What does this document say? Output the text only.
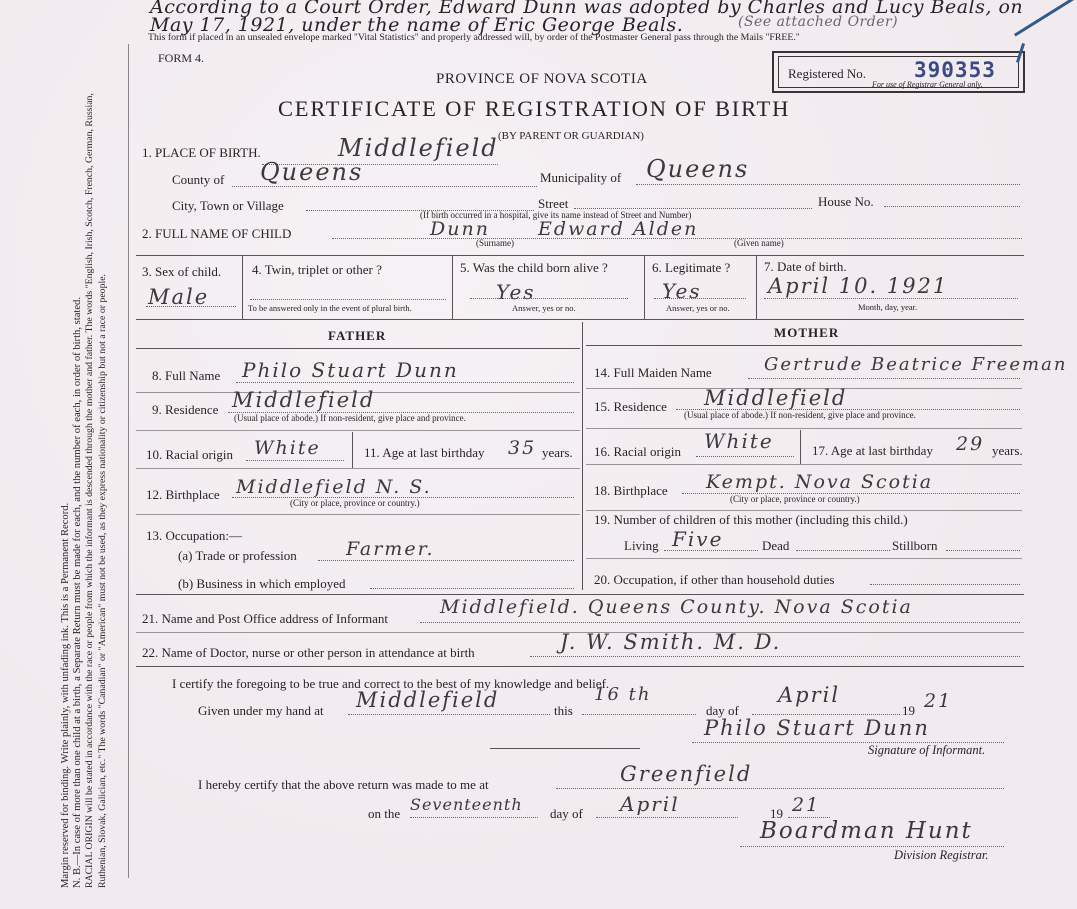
According to a Court Order, Edward Dunn was adopted by Charles and Lucy Beals, on
May 17, 1921, under the name of Eric George Beals.	(See attached Order)
This form if placed in an unsealed envelope marked "Vital Statistics" and properly addressed will, by order of the Postmaster General pass through the Mails "FREE."
FORM 4.
Registered No. 390353
For use of Registrar General only.
PROVINCE OF NOVA SCOTIA
CERTIFICATE OF REGISTRATION OF BIRTH
(BY PARENT OR GUARDIAN)
Margin reserved for binding. Write plainly, with unfading ink. This is a Permanent Record. N. B.—In case of more than one child at a birth, a Separate Return must be made for each, and the number of each, in order of birth, stated. RACIAL ORIGIN will be stated in accordance with the race or people from which the informant is descended through the mother and father. The words "English, Irish, Scotch, French, German, Russian, Ruthenian, Slovak, Galician, etc." The words "Canadian" or "American" must not be used, as they express nationality or citizenship but not a race or people.
1. PLACE OF BIRTH.	Middlefield
County of Queens	Municipality of Queens
City, Town or Village	Street	House No.
(If birth occurred in a hospital, give its name instead of Street and Number)
2. FULL NAME OF CHILD	Dunn	Edward Alden
(Surname)	(Given name)
3. Sex of child.
Male
4. Twin, triplet or other ?
To be answered only in the event of plural birth.
5. Was the child born alive ?
Yes
Answer, yes or no.
6. Legitimate ?
Yes
Answer, yes or no.
7. Date of birth.
April 10. 1921
Month, day, year.
FATHER	MOTHER
8. Full Name Philo Stuart Dunn
9. Residence Middlefield
(Usual place of abode.) If non-resident, give place and province.
10. Racial origin White	11. Age at last birthday 35 years.
12. Birthplace Middlefield N. S.
(City or place, province or country.)
13. Occupation:—
(a) Trade or profession	Farmer.
(b) Business in which employed
14. Full Maiden Name	Gertrude Beatrice Freeman
15. Residence Middlefield
(Usual place of abode.) If non-resident, give place and province.
16. Racial origin White	17. Age at last birthday 29 years.
18. Birthplace Kempt. Nova Scotia
(City or place, province or country.)
19. Number of children of this mother (including this child.)
Living Five	Dead	Stillborn
20. Occupation, if other than household duties
21. Name and Post Office address of Informant
Middlefield. Queens County. Nova Scotia
22. Name of Doctor, nurse or other person in attendance at birth	J. W. Smith. M. D.
I certify the foregoing to be true and correct to the best of my knowledge and belief.
Given under my hand at Middlefield	this
16 th
day of
April
19 21
Philo Stuart Dunn
Signature of Informant.
I hereby certify that the above return was made to me at	Greenfield
on the Seventeenth day of April	19 21
Boardman Hunt
Division Registrar.
